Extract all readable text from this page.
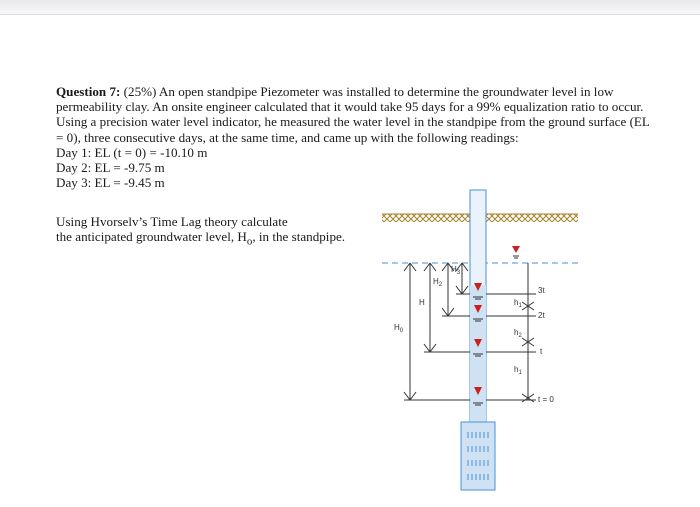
Question 7: (25%) An open standpipe Piezometer was installed to determine the groundwater level in low permeability clay. An onsite engineer calculated that it would take 95 days for a 99% equalization ratio to occur. Using a precision water level indicator, he measured the water level in the standpipe from the ground surface (EL = 0), three consecutive days, at the same time, and came up with the following readings:

Day 1: EL (t = 0) = -10.10 m
Day 2: EL = -9.75 m
Day 3: EL = -9.45 m
Using Hvorselv’s Time Lag theory calculate
the anticipated groundwater level, $H_o$, in the standpipe.
$H_0$
H
$H_2$
$H_3$
$h_1$
$h_2$
$h_1$
3t
2t
t
t = 0
